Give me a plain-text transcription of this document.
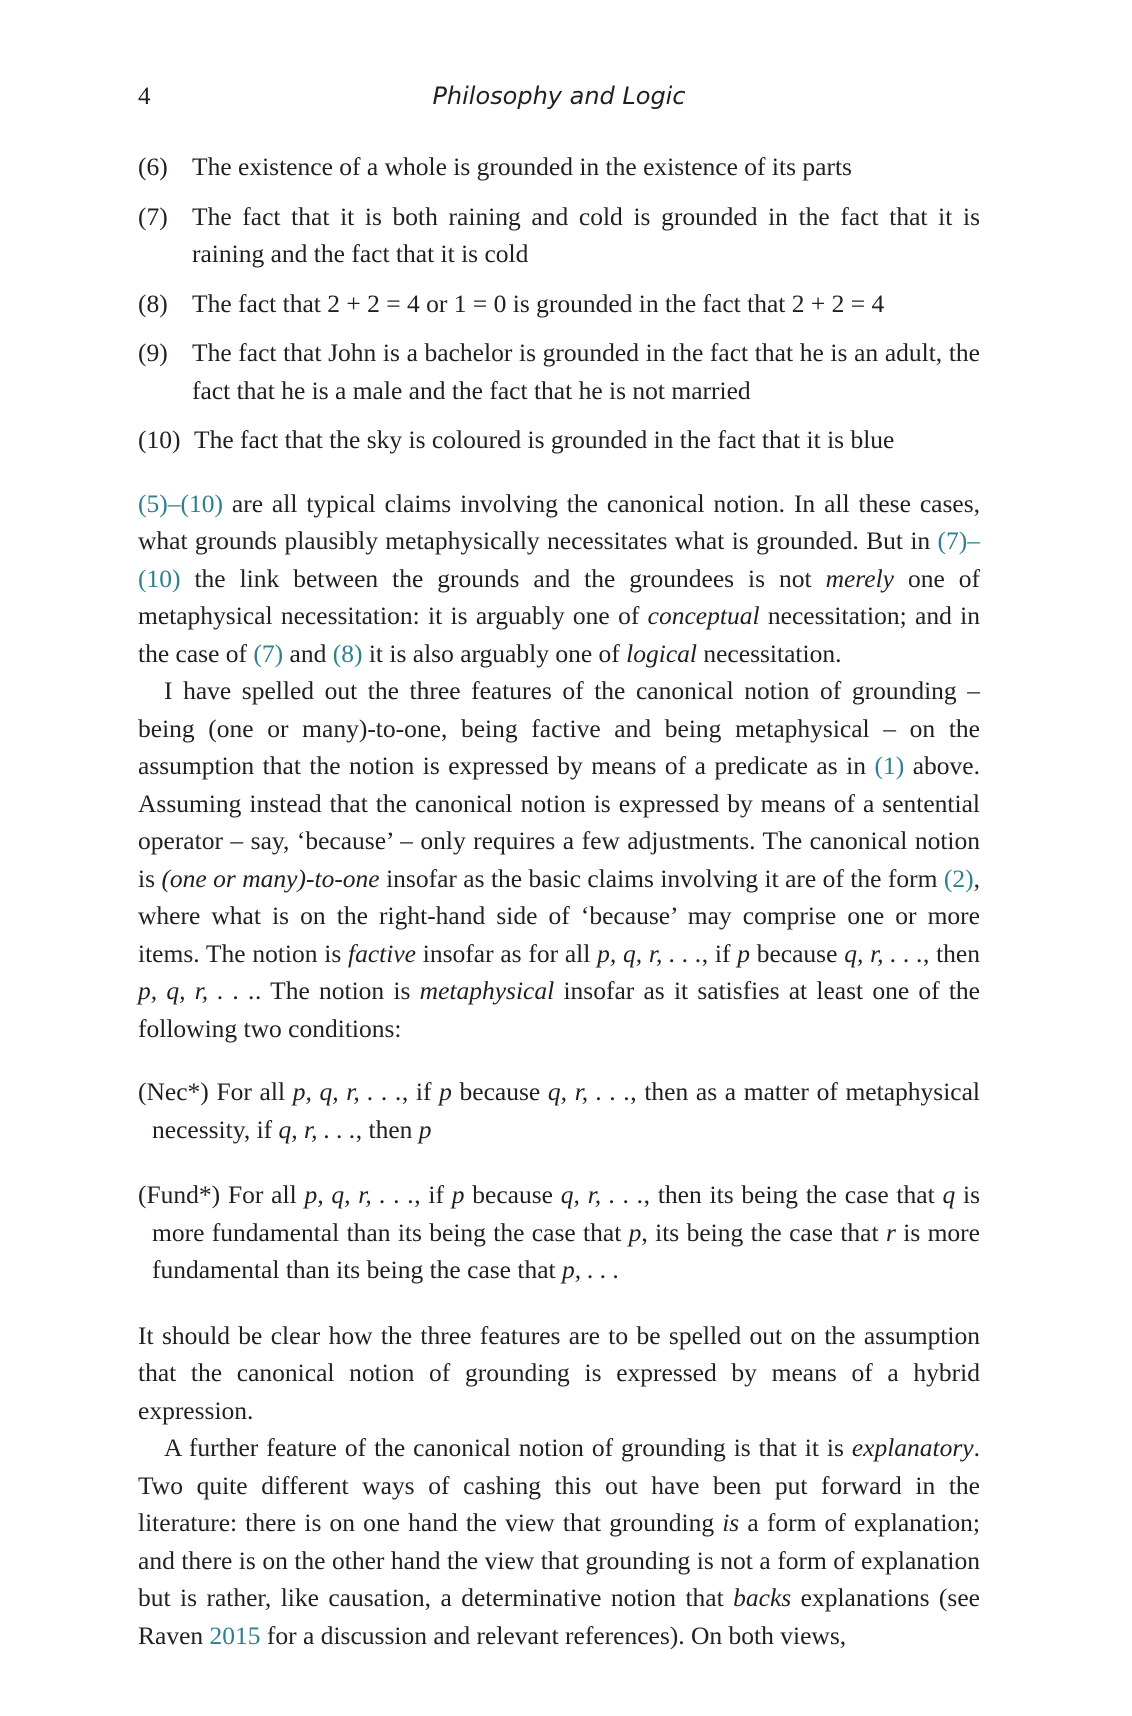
4	Philosophy and Logic
(6) The existence of a whole is grounded in the existence of its parts
(7) The fact that it is both raining and cold is grounded in the fact that it is raining and the fact that it is cold
(8) The fact that 2 + 2 = 4 or 1 = 0 is grounded in the fact that 2 + 2 = 4
(9) The fact that John is a bachelor is grounded in the fact that he is an adult, the fact that he is a male and the fact that he is not married
(10) The fact that the sky is coloured is grounded in the fact that it is blue

(5)–(10) are all typical claims involving the canonical notion. In all these cases, what grounds plausibly metaphysically necessitates what is grounded. But in (7)–(10) the link between the grounds and the groundees is not merely one of metaphysical necessitation: it is arguably one of conceptual necessitation; and in the case of (7) and (8) it is also arguably one of logical necessitation.

I have spelled out the three features of the canonical notion of grounding – being (one or many)-to-one, being factive and being metaphysical – on the assumption that the notion is expressed by means of a predicate as in (1) above. Assuming instead that the canonical notion is expressed by means of a sentential operator – say, ‘because’ – only requires a few adjustments. The canonical notion is (one or many)-to-one insofar as the basic claims involving it are of the form (2), where what is on the right-hand side of ‘because’ may comprise one or more items. The notion is factive insofar as for all p, q, r, . . ., if p because q, r, . . ., then p, q, r, . . .. The notion is metaphysical insofar as it satisfies at least one of the following two conditions:

(Nec*) For all p, q, r, . . ., if p because q, r, . . ., then as a matter of metaphysical necessity, if q, r, . . ., then p

(Fund*) For all p, q, r, . . ., if p because q, r, . . ., then its being the case that q is more fundamental than its being the case that p, its being the case that r is more fundamental than its being the case that p, . . .

It should be clear how the three features are to be spelled out on the assumption that the canonical notion of grounding is expressed by means of a hybrid expression.

A further feature of the canonical notion of grounding is that it is explanatory. Two quite different ways of cashing this out have been put forward in the literature: there is on one hand the view that grounding is a form of explanation; and there is on the other hand the view that grounding is not a form of explanation but is rather, like causation, a determinative notion that backs explanations (see Raven 2015 for a discussion and relevant references). On both views,
